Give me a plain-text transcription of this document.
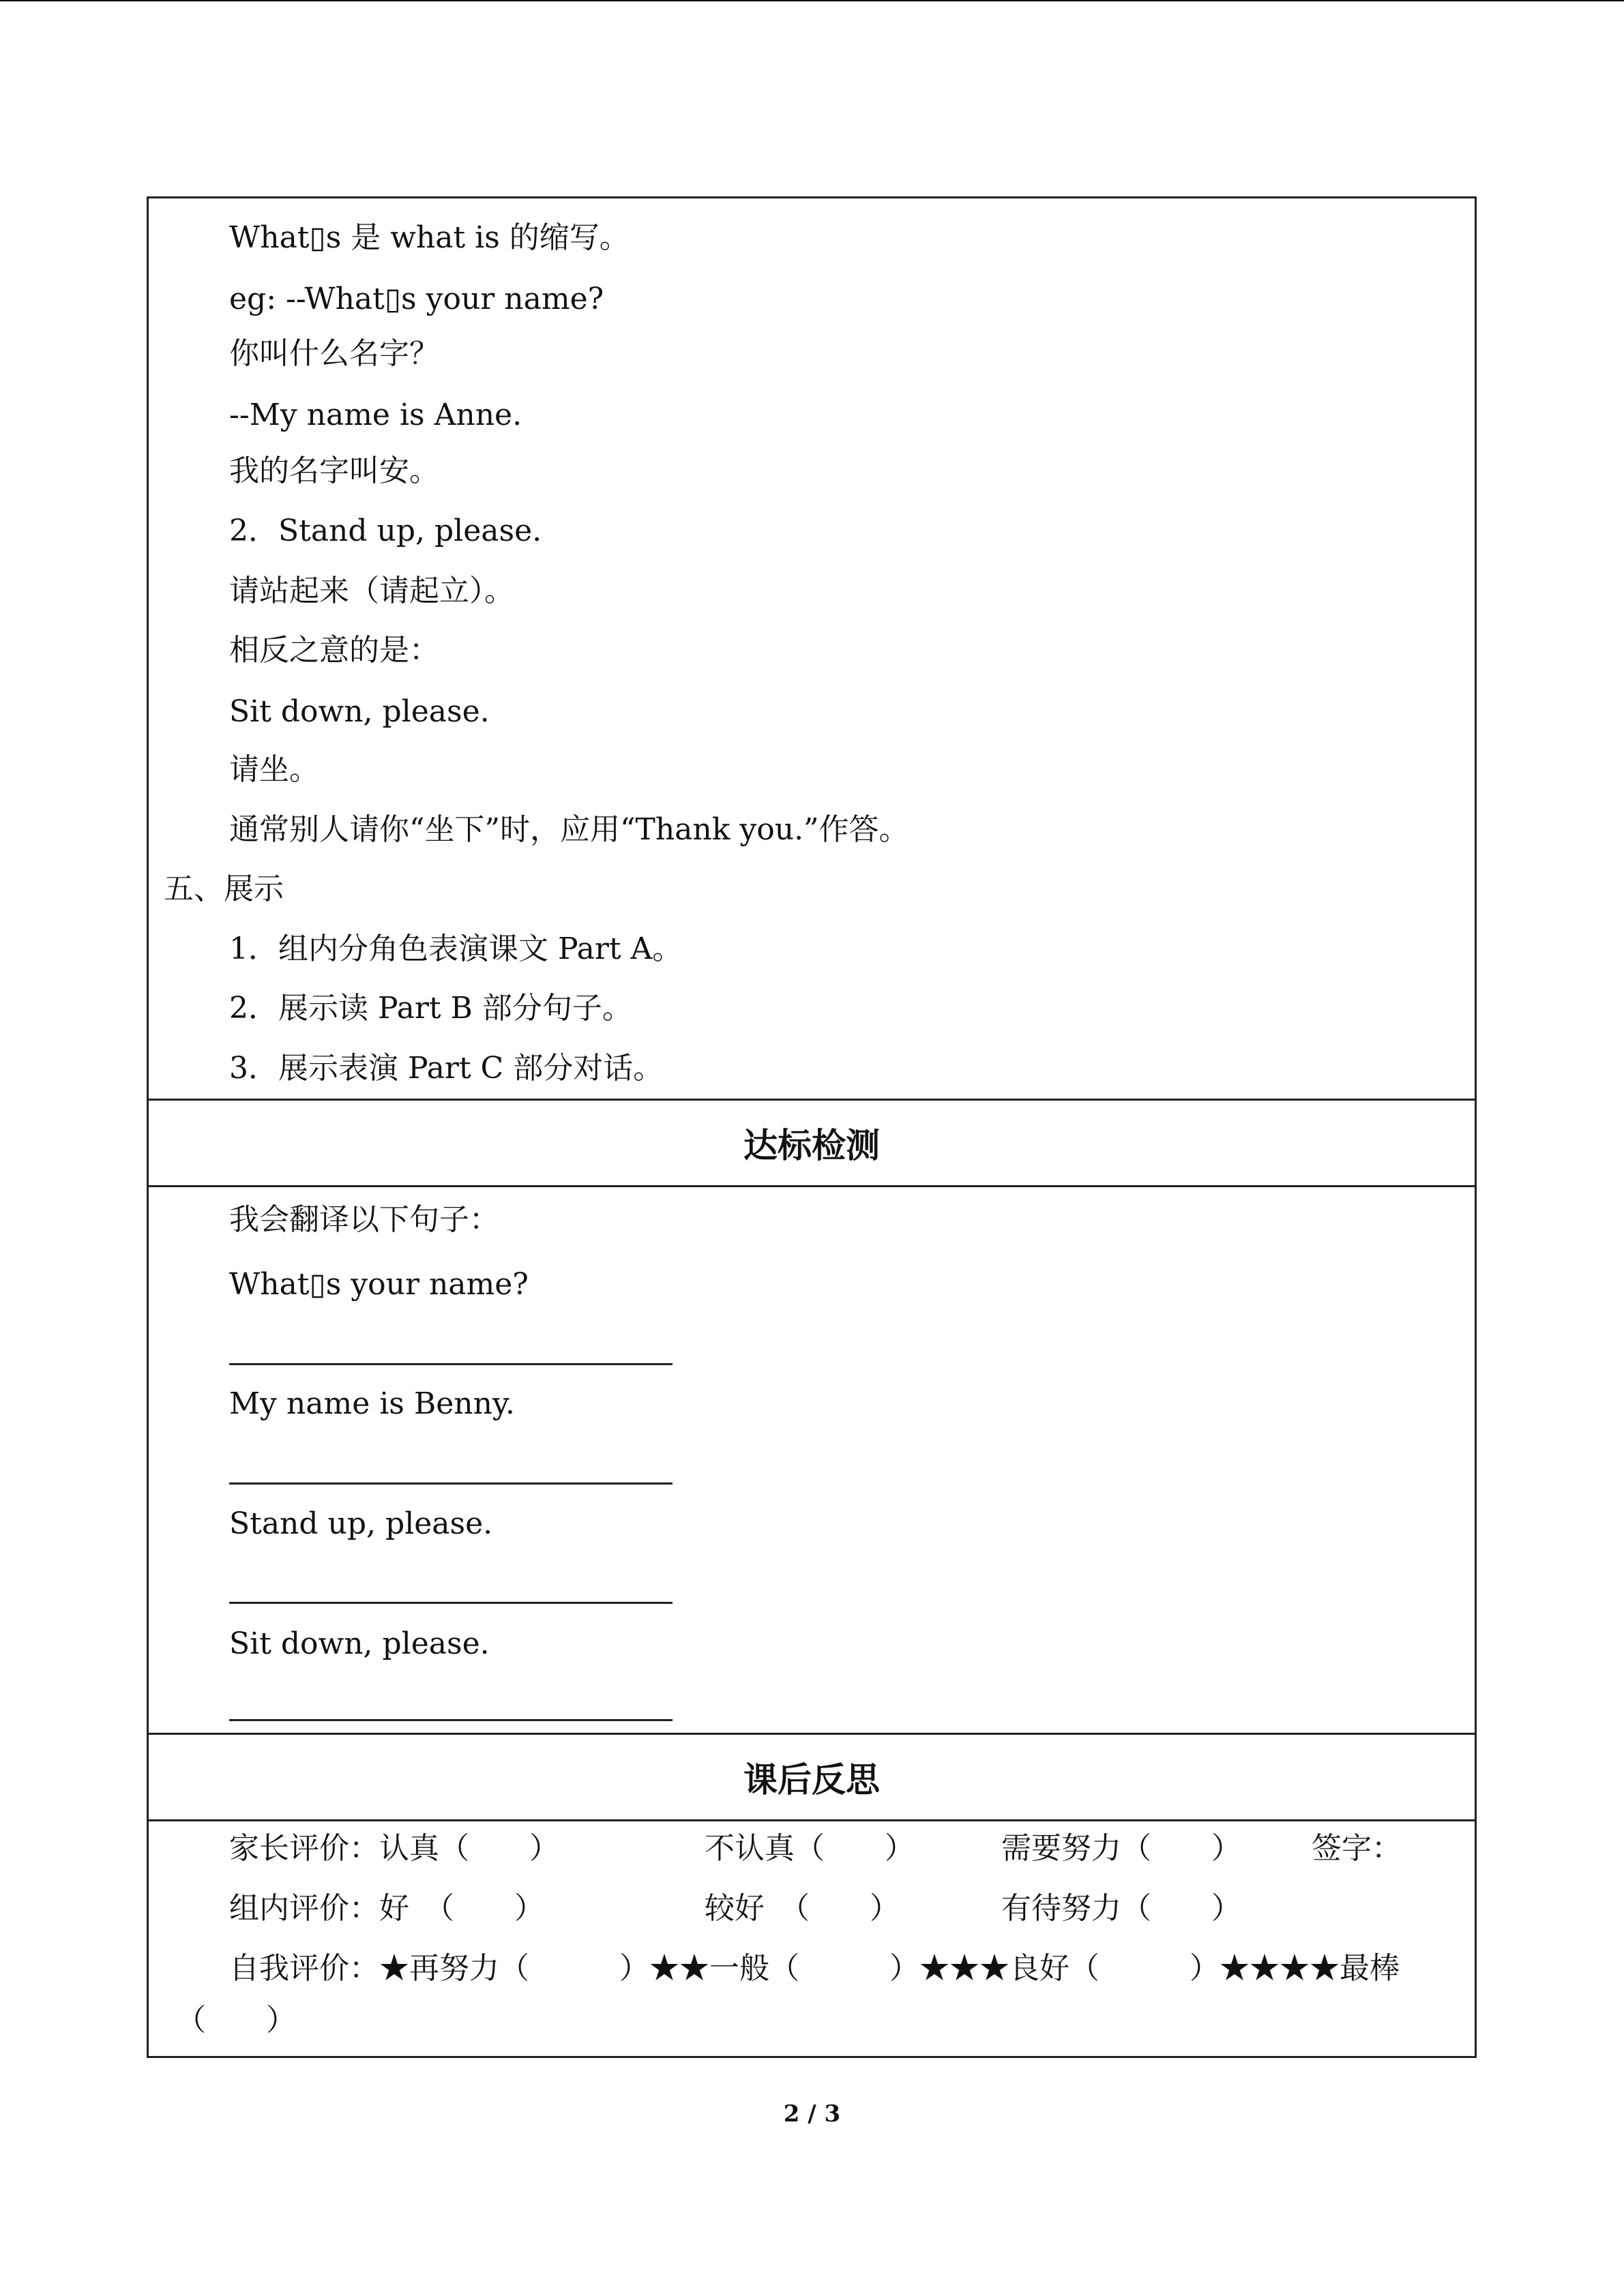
What▯s 是 what is 的缩写。
eg: --What▯s your name?
你叫什么名字？
--My name is Anne.
我的名字叫安。
2．Stand up, please.
请站起来（请起立）。
相反之意的是：
Sit down, please.
请坐。
通常别人请你“坐下”时，应用“Thank you.”作答。
五、展示
1．组内分角色表演课文 Part A。
2．展示读 Part B 部分句子。
3．展示表演 Part C 部分对话。
达标检测
我会翻译以下句子：
What▯s your name?
My name is Benny.
Stand up, please.
Sit down, please.
课后反思
家长评价：认真（　　）	不认真（　　）	需要努力（　　） 签字：
组内评价：好　（　　）	较好　（　　）	有待努力（　　）
自我评价：★再努力（　　　）★★一般（　　　）★★★良好（　　　）★★★★最棒
（　　）
2 / 3
